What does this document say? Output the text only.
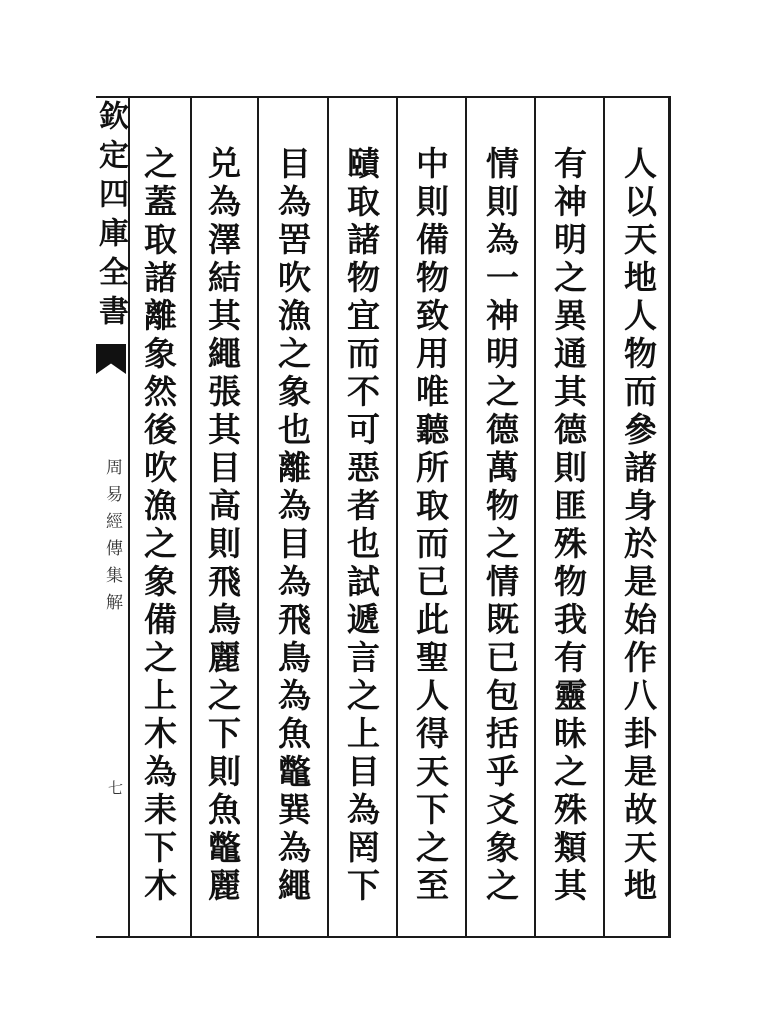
欽定四庫全書
周易經傳集解
七	人以天地人物而參諸身於是始作八卦是故天地
有神明之異通其德則匪殊物我有靈昧之殊類其
情則為一神明之德萬物之情既已包括乎爻象之
中則備物致用唯聽所取而已此聖人得天下之至
賾取諸物宜而不可惡者也試遞言之上目為罔下
目為罟吹漁之象也離為目為飛鳥為魚鼈巽為繩
兑為澤結其繩張其目高則飛鳥麗之下則魚鼈麗
之蓋取諸離象然後吹漁之象備之上木為耒下木
